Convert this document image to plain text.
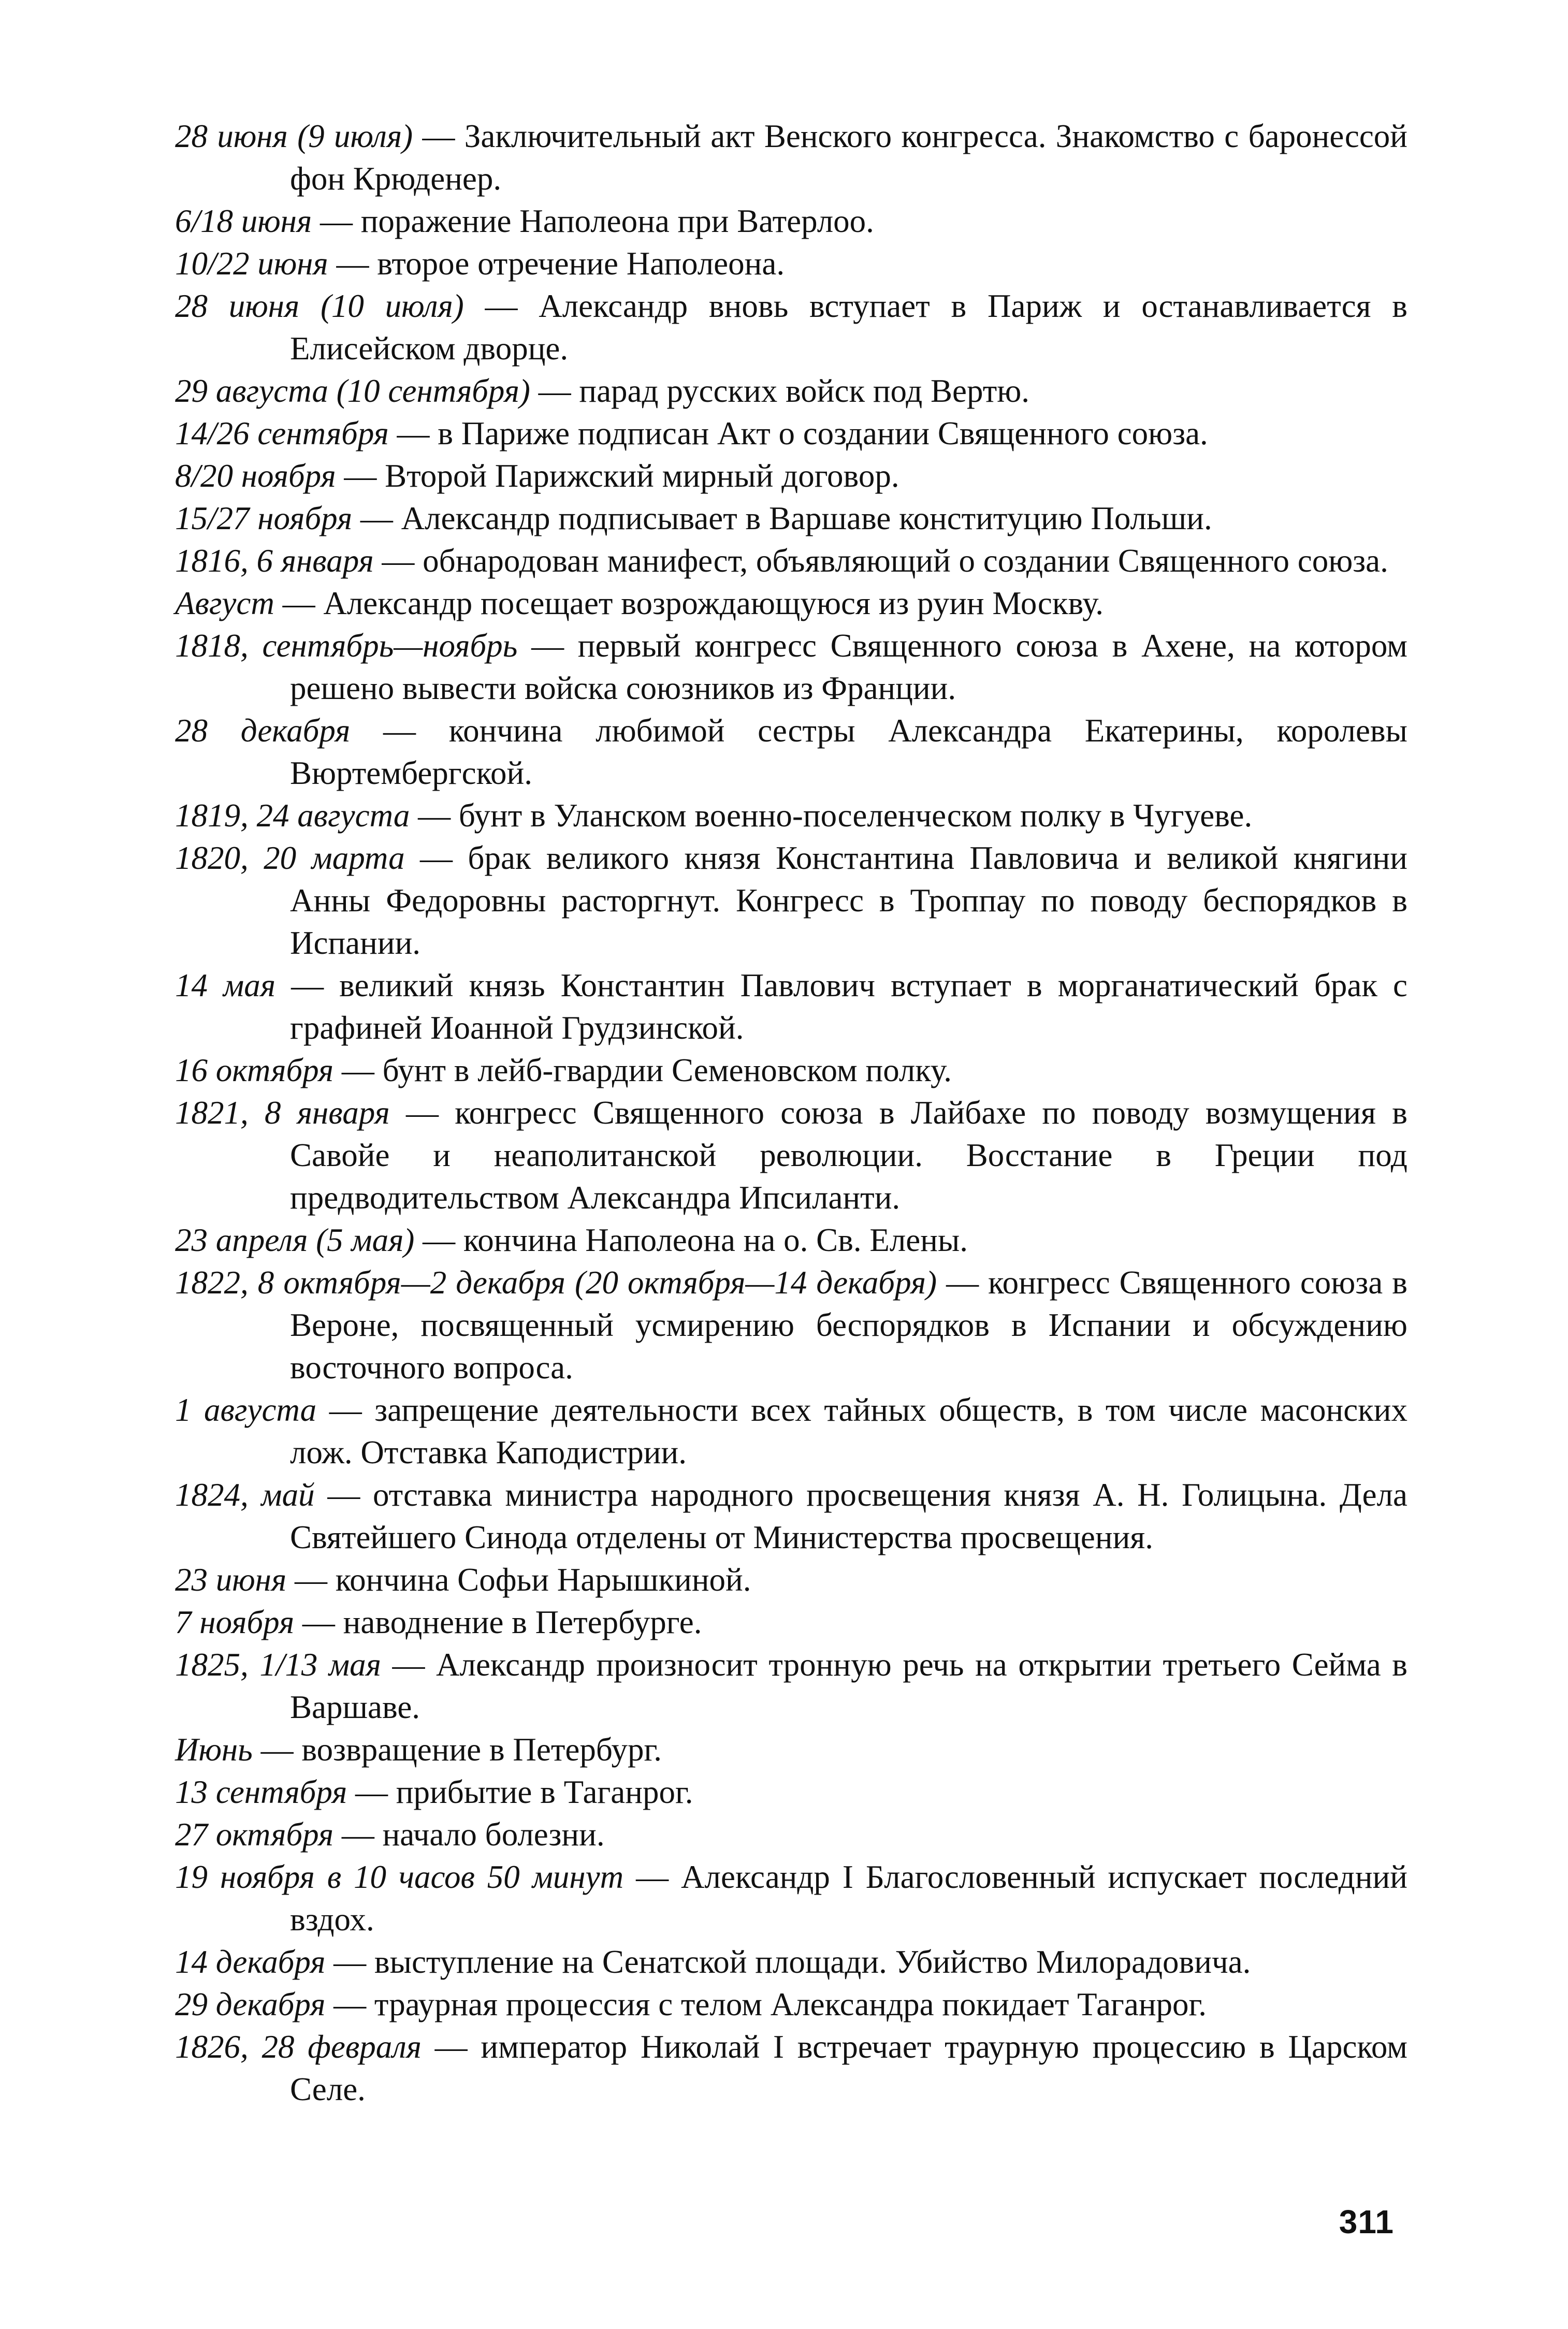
28 июня (9 июля) — Заключительный акт Венского конгресса. Знакомство с баронессой фон Крюденер.

6/18 июня — поражение Наполеона при Ватерлоо.

10/22 июня — второе отречение Наполеона.

28 июня (10 июля) — Александр вновь вступает в Париж и останавливается в Елисейском дворце.

29 августа (10 сентября) — парад русских войск под Вертю.

14/26 сентября — в Париже подписан Акт о создании Священного союза.

8/20 ноября — Второй Парижский мирный договор.

15/27 ноября — Александр подписывает в Варшаве конституцию Польши.

1816, 6 января — обнародован манифест, объявляющий о создании Священного союза.

Август — Александр посещает возрождающуюся из руин Москву.

1818, сентябрь—ноябрь — первый конгресс Священного союза в Ахене, на котором решено вывести войска союзников из Франции.

28 декабря — кончина любимой сестры Александра Екатерины, королевы Вюртембергской.

1819, 24 августа — бунт в Уланском военно-поселенческом полку в Чугуеве.

1820, 20 марта — брак великого князя Константина Павловича и великой княгини Анны Федоровны расторгнут. Конгресс в Троппау по поводу беспорядков в Испании.

14 мая — великий князь Константин Павлович вступает в морганатический брак с графиней Иоанной Грудзинской.

16 октября — бунт в лейб-гвардии Семеновском полку.

1821, 8 января — конгресс Священного союза в Лайбахе по поводу возмущения в Савойе и неаполитанской революции. Восстание в Греции под предводительством Александра Ипсиланти.

23 апреля (5 мая) — кончина Наполеона на о. Св. Елены.

1822, 8 октября—2 декабря (20 октября—14 декабря) — конгресс Священного союза в Вероне, посвященный усмирению беспорядков в Испании и обсуждению восточного вопроса.

1 августа — запрещение деятельности всех тайных обществ, в том числе масонских лож. Отставка Каподистрии.

1824, май — отставка министра народного просвещения князя А. Н. Голицына. Дела Святейшего Синода отделены от Министерства просвещения.

23 июня — кончина Софьи Нарышкиной.

7 ноября — наводнение в Петербурге.

1825, 1/13 мая — Александр произносит тронную речь на открытии третьего Сейма в Варшаве.

Июнь — возвращение в Петербург.

13 сентября — прибытие в Таганрог.

27 октября — начало болезни.

19 ноября в 10 часов 50 минут — Александр I Благословенный испускает последний вздох.

14 декабря — выступление на Сенатской площади. Убийство Милорадовича.

29 декабря — траурная процессия с телом Александра покидает Таганрог.

1826, 28 февраля — император Николай I встречает траурную процессию в Царском Селе.

311
